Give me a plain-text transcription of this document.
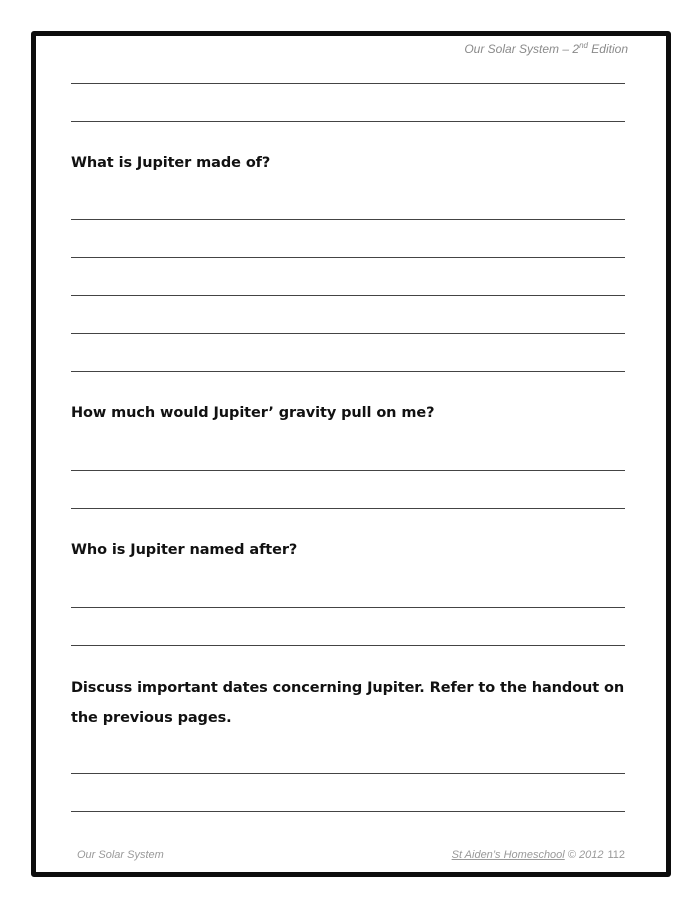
Our Solar System – 2nd Edition
What is Jupiter made of?
How much would Jupiter’ gravity pull on me?
Who is Jupiter named after?
Discuss important dates concerning Jupiter. Refer to the handout on the previous pages.
Our Solar System	St Aiden’s Homeschool © 2012 112
